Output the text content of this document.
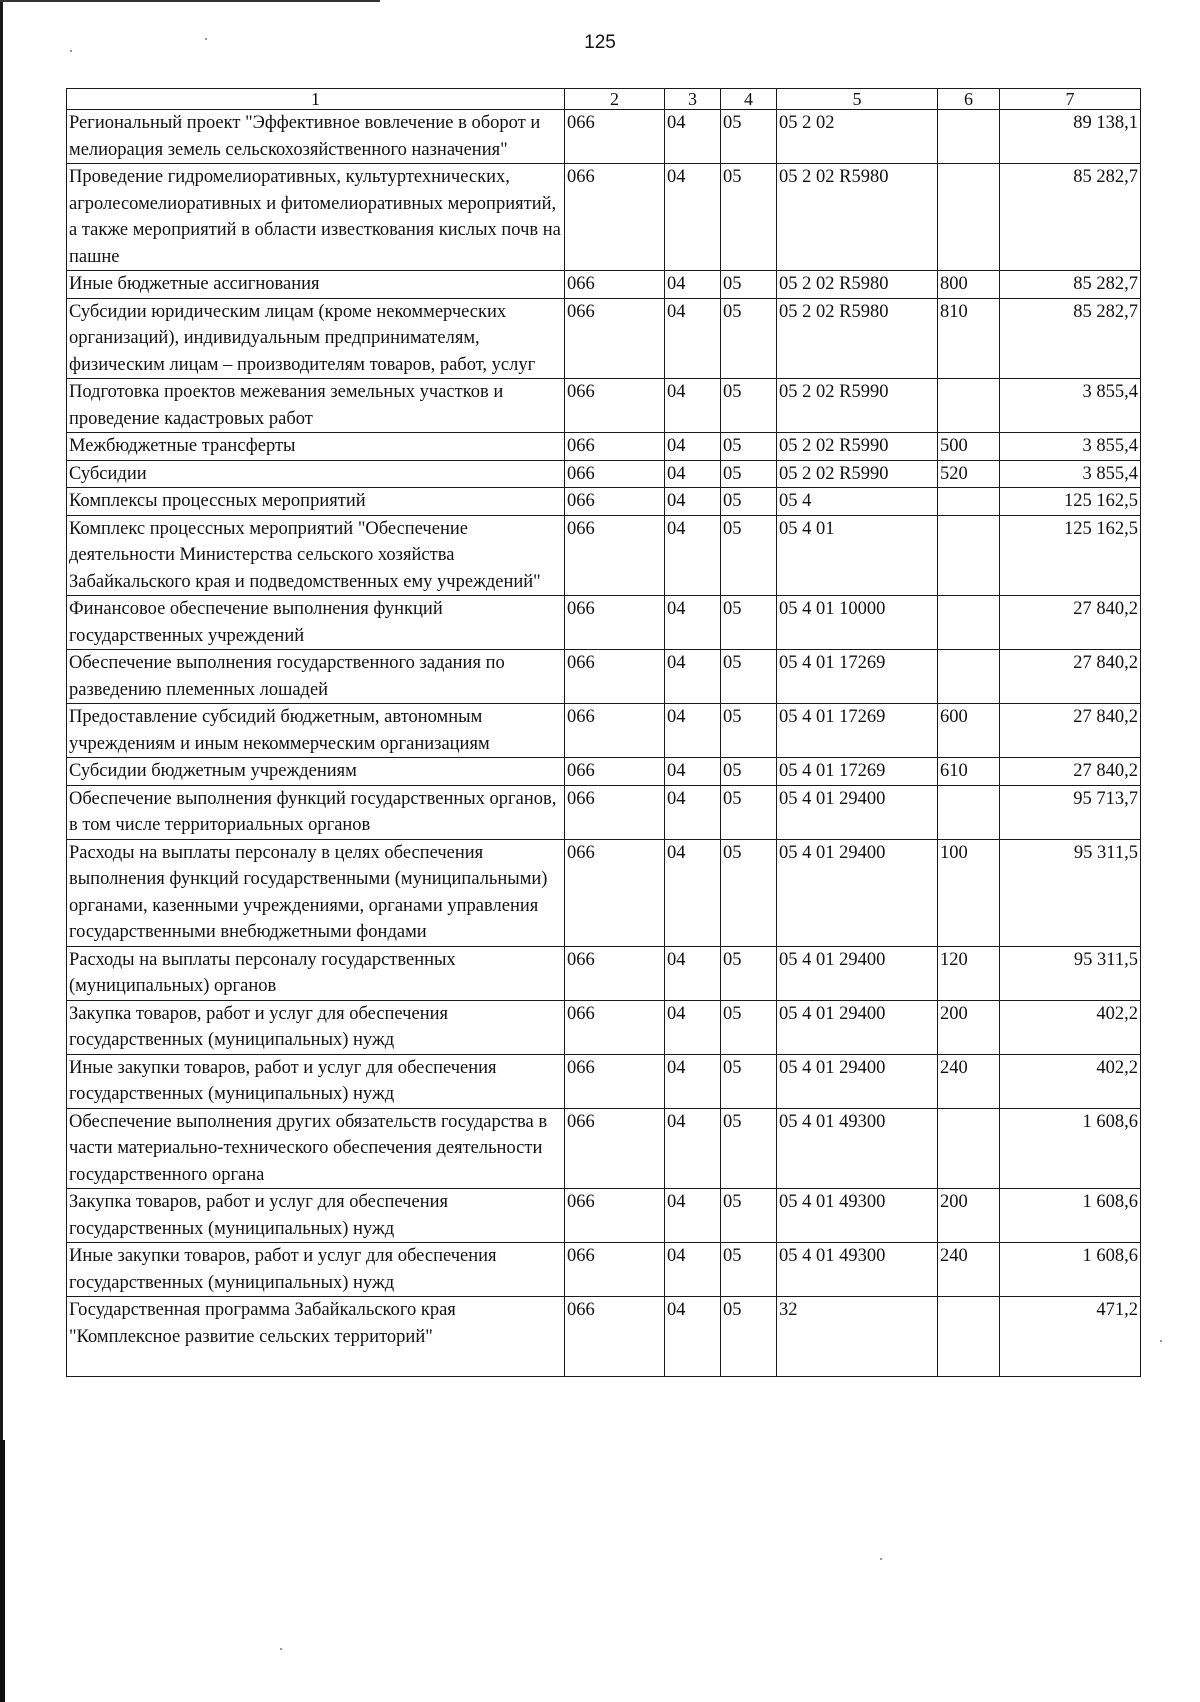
125
1	2	3	4	5	6	7
Региональный проект "Эффективное вовлечение в оборот и мелиорация земель сельскохозяйственного назначения"	066	04	05	05 2 02		89 138,1
Проведение гидромелиоративных, культуртехнических, агролесомелиоративных и фитомелиоративных мероприятий, а также мероприятий в области известкования кислых почв на пашне	066	04	05	05 2 02 R5980		85 282,7
Иные бюджетные ассигнования	066	04	05	05 2 02 R5980	800	85 282,7
Субсидии юридическим лицам (кроме некоммерческих организаций), индивидуальным предпринимателям, физическим лицам – производителям товаров, работ, услуг	066	04	05	05 2 02 R5980	810	85 282,7
Подготовка проектов межевания земельных участков и проведение кадастровых работ	066	04	05	05 2 02 R5990		3 855,4
Межбюджетные трансферты	066	04	05	05 2 02 R5990	500	3 855,4
Субсидии	066	04	05	05 2 02 R5990	520	3 855,4
Комплексы процессных мероприятий	066	04	05	05 4		125 162,5
Комплекс процессных мероприятий "Обеспечение деятельности Министерства сельского хозяйства Забайкальского края и подведомственных ему учреждений"	066	04	05	05 4 01		125 162,5
Финансовое обеспечение выполнения функций государственных учреждений	066	04	05	05 4 01 10000		27 840,2
Обеспечение выполнения государственного задания по разведению племенных лошадей	066	04	05	05 4 01 17269		27 840,2
Предоставление субсидий бюджетным, автономным учреждениям и иным некоммерческим организациям	066	04	05	05 4 01 17269	600	27 840,2
Субсидии бюджетным учреждениям	066	04	05	05 4 01 17269	610	27 840,2
Обеспечение выполнения функций государственных органов, в том числе территориальных органов	066	04	05	05 4 01 29400		95 713,7
Расходы на выплаты персоналу в целях обеспечения выполнения функций государственными (муниципальными) органами, казенными учреждениями, органами управления государственными внебюджетными фондами	066	04	05	05 4 01 29400	100	95 311,5
Расходы на выплаты персоналу государственных (муниципальных) органов	066	04	05	05 4 01 29400	120	95 311,5
Закупка товаров, работ и услуг для обеспечения государственных (муниципальных) нужд	066	04	05	05 4 01 29400	200	402,2
Иные закупки товаров, работ и услуг для обеспечения государственных (муниципальных) нужд	066	04	05	05 4 01 29400	240	402,2
Обеспечение выполнения других обязательств государства в части материально-технического обеспечения деятельности государственного органа	066	04	05	05 4 01 49300		1 608,6
Закупка товаров, работ и услуг для обеспечения государственных (муниципальных) нужд	066	04	05	05 4 01 49300	200	1 608,6
Иные закупки товаров, работ и услуг для обеспечения государственных (муниципальных) нужд	066	04	05	05 4 01 49300	240	1 608,6
Государственная программа Забайкальского края "Комплексное развитие сельских территорий"	066	04	05	32		471,2
